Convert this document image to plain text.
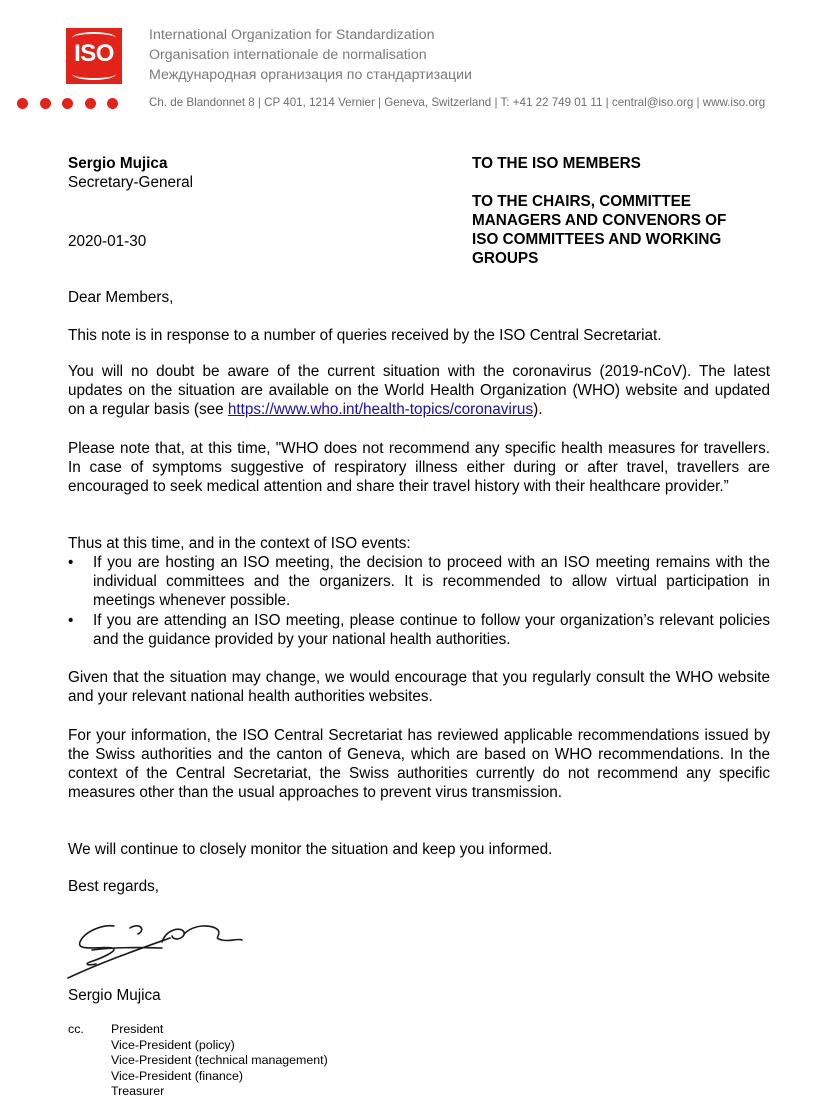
ISO
International Organization for Standardization
Organisation internationale de normalisation
Международная организация по стандартизации
Ch. de Blandonnet 8 | CP 401, 1214 Vernier | Geneva, Switzerland | T: +41 22 749 01 11 | central@iso.org | www.iso.org
Sergio Mujica
Secretary-General
2020-01-30
TO THE ISO MEMBERS
TO THE CHAIRS, COMMITTEE
MANAGERS AND CONVENORS OF
ISO COMMITTEES AND WORKING
GROUPS
Dear Members,
This note is in response to a number of queries received by the ISO Central Secretariat.
You will no doubt be aware of the current situation with the coronavirus (2019-nCoV). The latest updates on the situation are available on the World Health Organization (WHO) website and updated on a regular basis (see https://www.who.int/health-topics/coronavirus).
Please note that, at this time, "WHO does not recommend any specific health measures for travellers. In case of symptoms suggestive of respiratory illness either during or after travel, travellers are encouraged to seek medical attention and share their travel history with their healthcare provider.”
Thus at this time, and in the context of ISO events:
• If you are hosting an ISO meeting, the decision to proceed with an ISO meeting remains with the individual committees and the organizers. It is recommended to allow virtual participation in meetings whenever possible.
• If you are attending an ISO meeting, please continue to follow your organization’s relevant policies and the guidance provided by your national health authorities.
Given that the situation may change, we would encourage that you regularly consult the WHO website and your relevant national health authorities websites.
For your information, the ISO Central Secretariat has reviewed applicable recommendations issued by the Swiss authorities and the canton of Geneva, which are based on WHO recommendations. In the context of the Central Secretariat, the Swiss authorities currently do not recommend any specific measures other than the usual approaches to prevent virus transmission.
We will continue to closely monitor the situation and keep you informed.
Best regards,
Sergio Mujica
cc. President
Vice-President (policy)
Vice-President (technical management)
Vice-President (finance)
Treasurer
